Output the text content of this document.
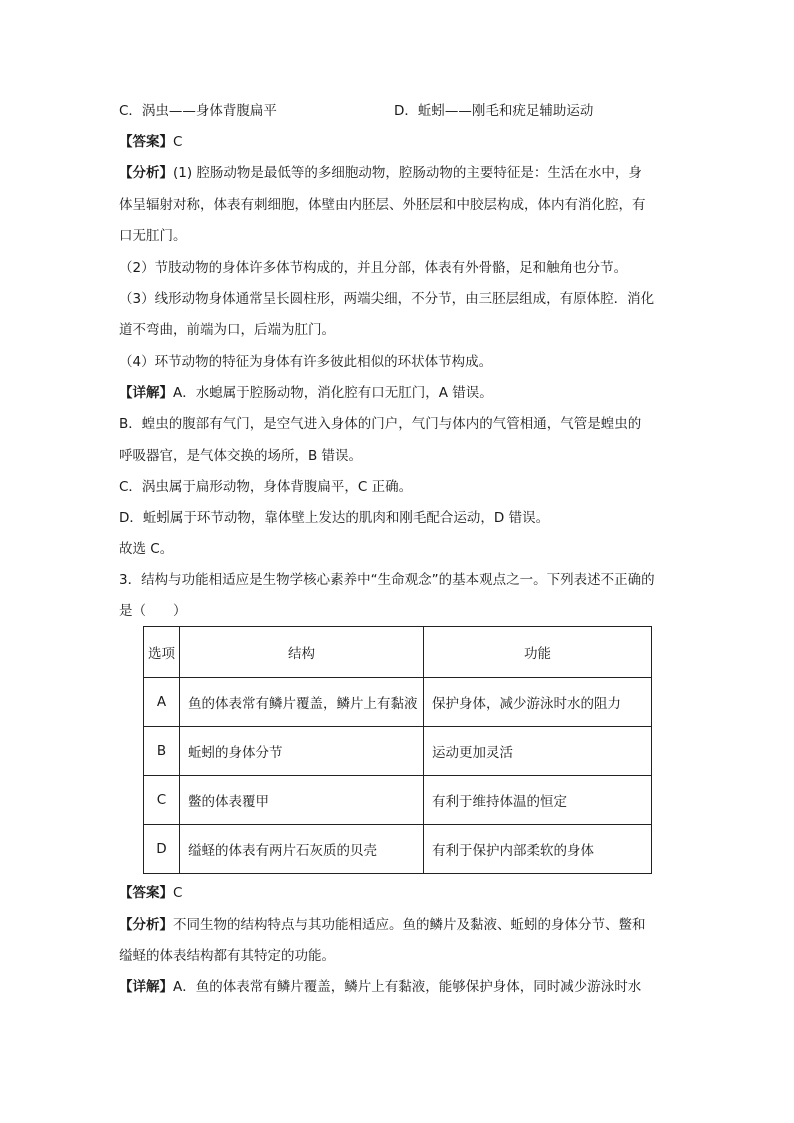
C．涡虫——身体背腹扁平	D．蚯蚓——刚毛和疣足辅助运动
【答案】C
【分析】(1) 腔肠动物是最低等的多细胞动物，腔肠动物的主要特征是：生活在水中，身
体呈辐射对称，体表有刺细胞，体壁由内胚层、外胚层和中胶层构成，体内有消化腔，有
口无肛门。
（2）节肢动物的身体许多体节构成的，并且分部，体表有外骨骼，足和触角也分节。
（3）线形动物身体通常呈长圆柱形，两端尖细，不分节，由三胚层组成，有原体腔．消化
道不弯曲，前端为口，后端为肛门。
（4）环节动物的特征为身体有许多彼此相似的环状体节构成。
【详解】A．水螅属于腔肠动物，消化腔有口无肛门，A 错误。
B．蝗虫的腹部有气门，是空气进入身体的门户，气门与体内的气管相通，气管是蝗虫的
呼吸器官，是气体交换的场所，B 错误。
C．涡虫属于扁形动物，身体背腹扁平，C 正确。
D．蚯蚓属于环节动物，靠体壁上发达的肌肉和刚毛配合运动，D 错误。
故选 C。
3．结构与功能相适应是生物学核心素养中“生命观念”的基本观点之一。下列表述不正确的
是（　　）
选项	结构	功能
A	鱼的体表常有鳞片覆盖，鳞片上有黏液	保护身体，减少游泳时水的阻力
B	蚯蚓的身体分节	运动更加灵活
C	鳖的体表覆甲	有利于维持体温的恒定
D	缢蛏的体表有两片石灰质的贝壳	有利于保护内部柔软的身体
【答案】C
【分析】不同生物的结构特点与其功能相适应。鱼的鳞片及黏液、蚯蚓的身体分节、鳖和
缢蛏的体表结构都有其特定的功能。
【详解】A．鱼的体表常有鳞片覆盖，鳞片上有黏液，能够保护身体，同时减少游泳时水
